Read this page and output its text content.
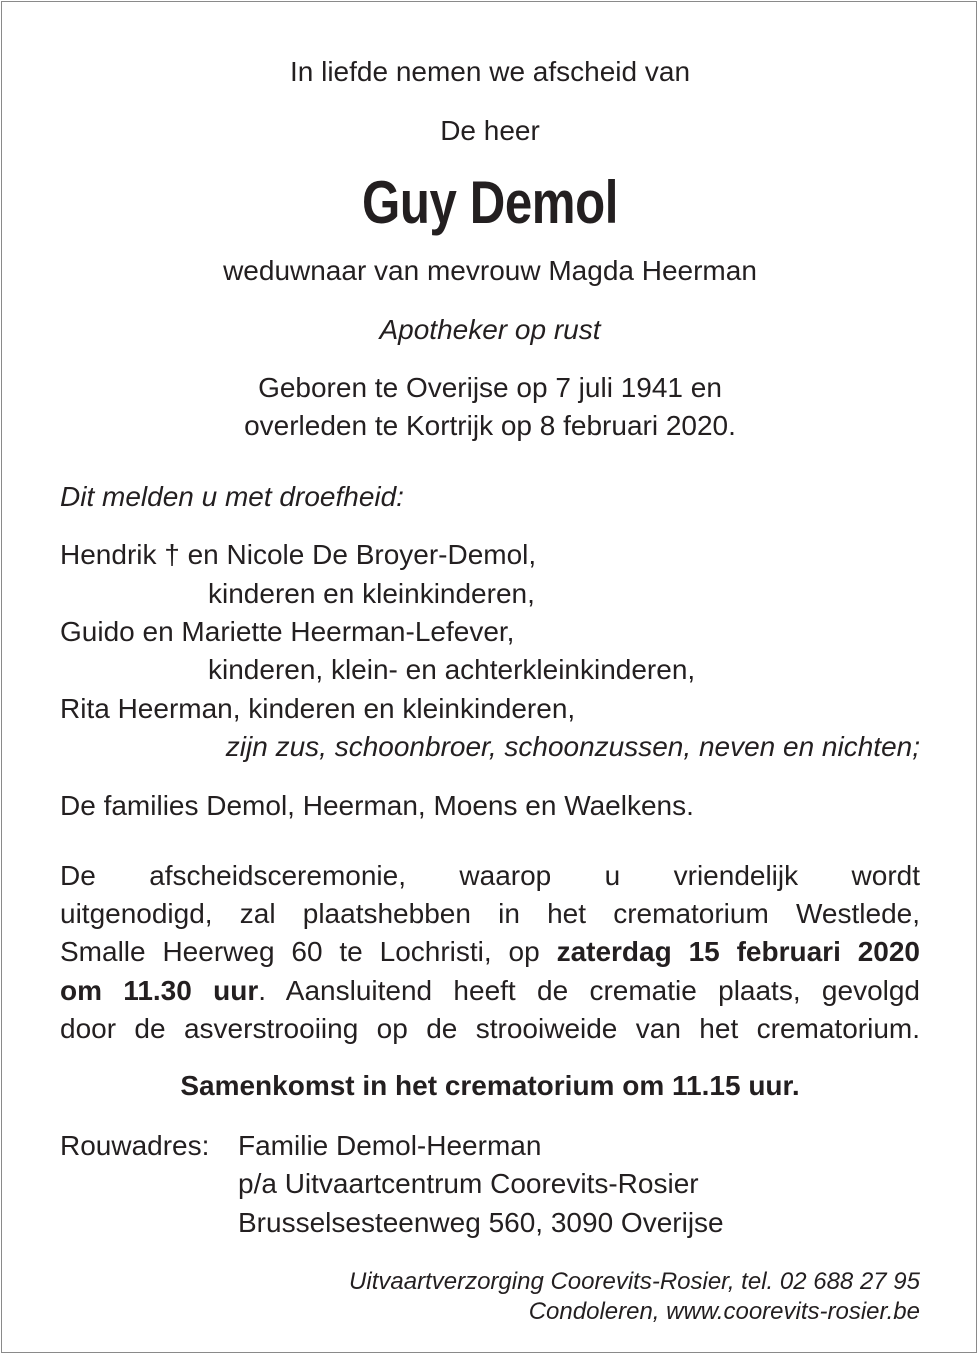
In liefde nemen we afscheid van

De heer

Guy Demol

weduwnaar van mevrouw Magda Heerman

Apotheker op rust

Geboren te Overijse op 7 juli 1941 en

overleden te Kortrijk op 8 februari 2020.

Dit melden u met droefheid:

Hendrik † en Nicole De Broyer-Demol,

kinderen en kleinkinderen,

Guido en Mariette Heerman-Lefever,

kinderen, klein- en achterkleinkinderen,

Rita Heerman, kinderen en kleinkinderen,

zijn zus, schoonbroer, schoonzussen, neven en nichten;

De families Demol, Heerman, Moens en Waelkens.

De afscheidsceremonie, waarop u vriendelijk wordt
uitgenodigd, zal plaatshebben in het crematorium Westlede,
Smalle Heerweg 60 te Lochristi, op zaterdag 15 februari 2020
om 11.30 uur. Aansluitend heeft de crematie plaats, gevolgd
door de asverstrooiing op de strooiweide van het crematorium.

Samenkomst in het crematorium om 11.15 uur.

Rouwadres: Familie Demol-Heerman

p/a Uitvaartcentrum Coorevits-Rosier

Brusselsesteenweg 560, 3090 Overijse

Uitvaartverzorging Coorevits-Rosier, tel. 02 688 27 95

Condoleren, www.coorevits-rosier.be
